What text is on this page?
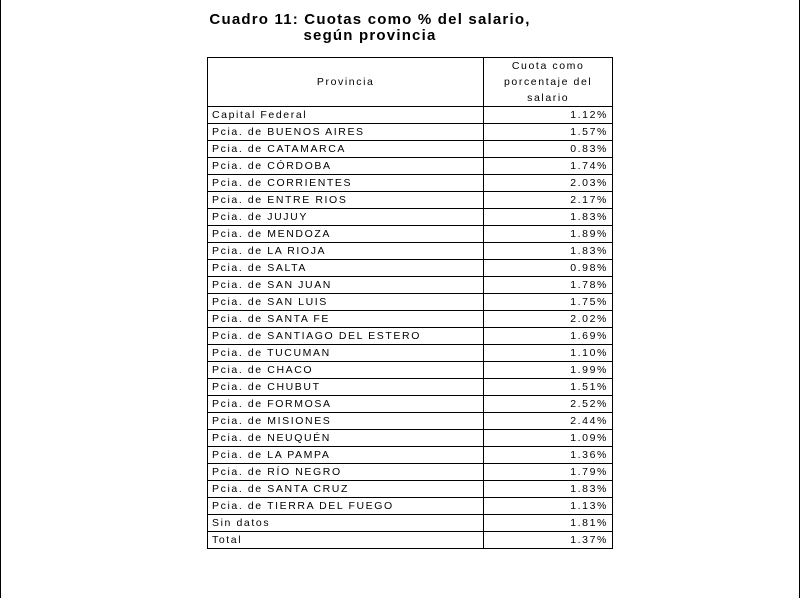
Cuadro 11: Cuotas como % del salario,
según provincia
Provincia	Cuota como
porcentaje del
salario

Capital Federal	1.12%
Pcia. de BUENOS AIRES	1.57%
Pcia. de CATAMARCA	0.83%
Pcia. de CÓRDOBA	1.74%
Pcia. de CORRIENTES	2.03%
Pcia. de ENTRE RIOS	2.17%
Pcia. de JUJUY	1.83%
Pcia. de MENDOZA	1.89%
Pcia. de LA RIOJA	1.83%
Pcia. de SALTA	0.98%
Pcia. de SAN JUAN	1.78%
Pcia. de SAN LUIS	1.75%
Pcia. de SANTA FE	2.02%
Pcia. de SANTIAGO DEL ESTERO	1.69%
Pcia. de TUCUMAN	1.10%
Pcia. de CHACO	1.99%
Pcia. de CHUBUT	1.51%
Pcia. de FORMOSA	2.52%
Pcia. de MISIONES	2.44%
Pcia. de NEUQUÉN	1.09%
Pcia. de LA PAMPA	1.36%
Pcia. de RÍO NEGRO	1.79%
Pcia. de SANTA CRUZ	1.83%
Pcia. de TIERRA DEL FUEGO	1.13%
Sin datos	1.81%
Total	1.37%
